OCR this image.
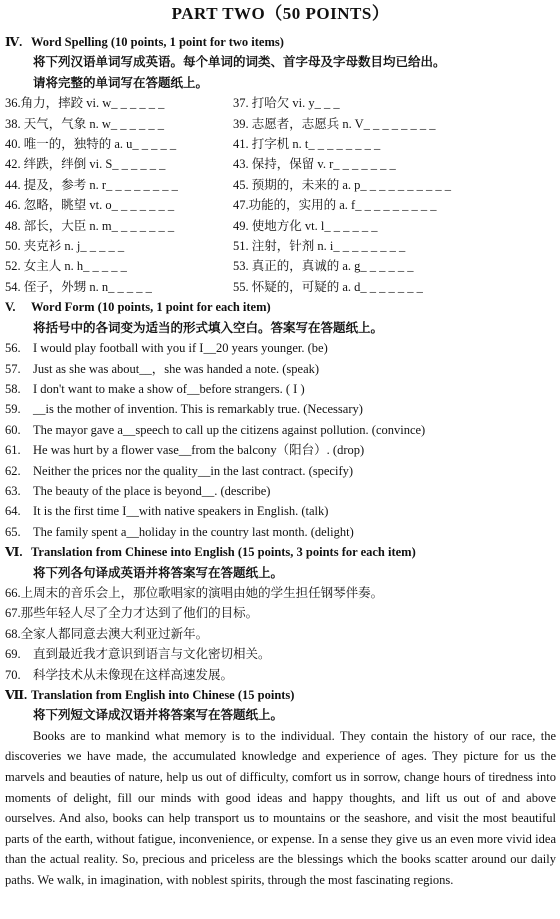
PART TWO（50 POINTS）
Ⅳ. Word Spelling (10 points, 1 point for two items)
将下列汉语单词写成英语。每个单词的词类、首字母及字母数目均已给出。
请将完整的单词写在答题纸上。
36.角力，摔跤 vi. w_ _ _ _ _ _	37. 打哈欠 vi. y_ _ _
38. 天气，气象 n. w_ _ _ _ _ _	39. 志愿者，志愿兵 n. V_ _ _ _ _ _ _ _
40. 唯一的，独特的 a. u_ _ _ _ _	41. 打字机 n. t_ _ _ _ _ _ _ _
42. 绊跌，绊倒 vi. S_ _ _ _ _ _	43. 保持，保留 v. r_ _ _ _ _ _ _
44. 提及，参考 n. r_ _ _ _ _ _ _ _	45. 预期的，未来的 a. p_ _ _ _ _ _ _ _ _ _
46. 忽略，眺望 vt. o_ _ _ _ _ _ _	47.功能的，实用的 a. f_ _ _ _ _ _ _ _ _
48. 部长，大臣 n. m_ _ _ _ _ _ _	49. 使地方化 vt. l_ _ _ _ _ _
50. 夹克衫 n. j_ _ _ _ _	51. 注射，针剂 n. i_ _ _ _ _ _ _ _
52. 女主人 n. h_ _ _ _ _	53. 真正的，真诚的 a. g_ _ _ _ _ _
54. 侄子，外甥 n. n_ _ _ _ _	55. 怀疑的，可疑的 a. d_ _ _ _ _ _ _
V. Word Form (10 points, 1 point for each item)
将括号中的各词变为适当的形式填入空白。答案写在答题纸上。
56. I would play football with you if I__20 years younger. (be)
57. Just as she was about__，she was handed a note. (speak)
58. I don't want to make a show of__before strangers. ( I )
59. __is the mother of invention. This is remarkably true. (Necessary)
60. The mayor gave a__speech to call up the citizens against pollution. (convince)
61. He was hurt by a flower vase__from the balcony（阳台）. (drop)
62. Neither the prices nor the quality__in the last contract. (specify)
63. The beauty of the place is beyond__. (describe)
64. It is the first time I__with native speakers in English. (talk)
65. The family spent a__holiday in the country last month. (delight)
Ⅵ. Translation from Chinese into English (15 points, 3 points for each item)
将下列各句译成英语并将答案写在答题纸上。
66.上周末的音乐会上，那位歌唱家的演唱由她的学生担任钢琴伴奏。
67.那些年轻人尽了全力才达到了他们的目标。
68.全家人都同意去澳大利亚过新年。
69. 直到最近我才意识到语言与文化密切相关。
70. 科学技术从未像现在这样高速发展。
Ⅶ. Translation from English into Chinese (15 points)
将下列短文译成汉语并将答案写在答题纸上。
Books are to mankind what memory is to the individual. They contain the history of our race, the discoveries we have made, the accumulated knowledge and experience of ages. They picture for us the marvels and beauties of nature, help us out of difficulty, comfort us in sorrow, change hours of tiredness into moments of delight, fill our minds with good ideas and happy thoughts, and lift us out of and above ourselves. And also, books can help transport us to mountains or the seashore, and visit the most beautiful parts of the earth, without fatigue, inconvenience, or expense. In a sense they give us an even more vivid idea than the actual reality. So, precious and priceless are the blessings which the books scatter around our daily paths. We walk, in imagination, with noblest spirits, through the most fascinating regions.
